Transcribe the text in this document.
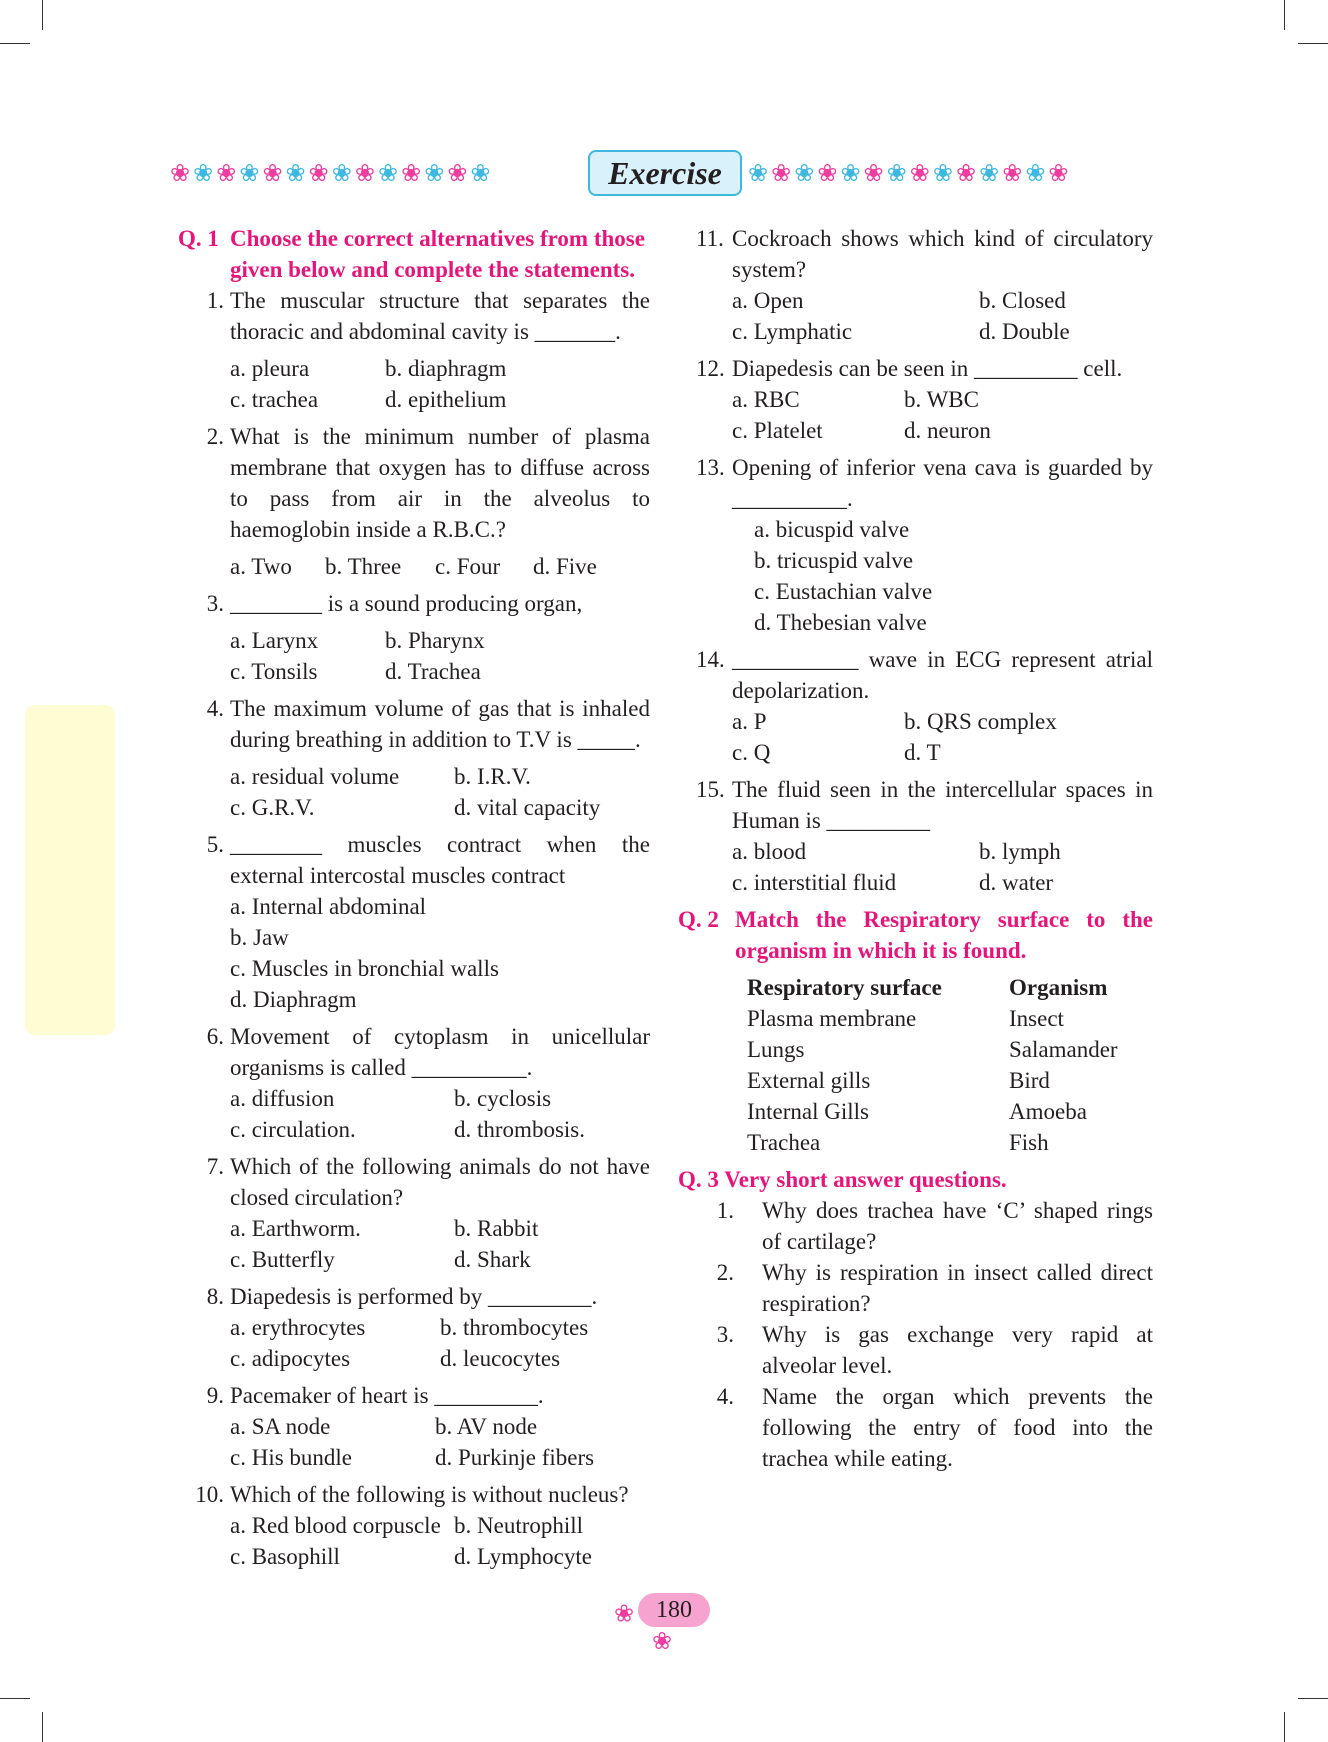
❀ ❀ ❀ ❀ ❀ ❀ ❀ ❀ ❀ ❀ ❀ ❀ ❀ ❀	Exercise	❀ ❀ ❀ ❀ ❀ ❀ ❀ ❀ ❀ ❀ ❀ ❀ ❀ ❀
Q. 1 Choose the correct alternatives from those
given below and complete the statements.
1. The muscular structure that separates the thoracic and abdominal cavity is _______.
a. pleura	b. diaphragm
c. trachea	d. epithelium
2. What is the minimum number of plasma membrane that oxygen has to diffuse across to pass from air in the alveolus to haemoglobin inside a R.B.C.?
a. Two	b. Three	c. Four	d. Five
3. ________ is a sound producing organ,
a. Larynx	b. Pharynx
c. Tonsils	d. Trachea
4. The maximum volume of gas that is inhaled during breathing in addition to T.V is _____.
a. residual volume	b. I.R.V.
c. G.R.V.	d. vital capacity
5. ________ muscles contract when the external intercostal muscles contract
a. Internal abdominal
b. Jaw
c. Muscles in bronchial walls
d. Diaphragm
6. Movement of cytoplasm in unicellular organisms is called __________.
a. diffusion	b. cyclosis
c. circulation.	d. thrombosis.
7. Which of the following animals do not have closed circulation?
a. Earthworm.	b. Rabbit
c. Butterfly	d. Shark
8. Diapedesis is performed by _________.
a. erythrocytes	b. thrombocytes
c. adipocytes	d. leucocytes
9. Pacemaker of heart is _________.
a. SA node	b. AV node
c. His bundle	d. Purkinje fibers
10. Which of the following is without nucleus?
a. Red blood corpuscle b. Neutrophill
c. Basophill	d. Lymphocyte
11. Cockroach shows which kind of circulatory system?
a. Open	b. Closed
c. Lymphatic	d. Double
12. Diapedesis can be seen in _________ cell.
a. RBC	b. WBC
c. Platelet	d. neuron
13. Opening of inferior vena cava is guarded by __________.
a. bicuspid valve
b. tricuspid valve
c. Eustachian valve
d. Thebesian valve
14. ___________ wave in ECG represent atrial depolarization.
a. P	b. QRS complex
c. Q	d. T
15. The fluid seen in the intercellular spaces in Human is _________
a. blood	b. lymph
c. interstitial fluid	d. water
Q. 2 Match the Respiratory surface to the
organism in which it is found.
Respiratory surface	Organism
Plasma membrane	Insect
Lungs	Salamander
External gills	Bird
Internal Gills	Amoeba
Trachea	Fish
Q. 3 Very short answer questions.
1. Why does trachea have ‘C’ shaped rings of cartilage?
2. Why is respiration in insect called direct respiration?
3. Why is gas exchange very rapid at alveolar level.
4. Name the organ which prevents the following the entry of food into the trachea while eating.
❀ 180 ❀
